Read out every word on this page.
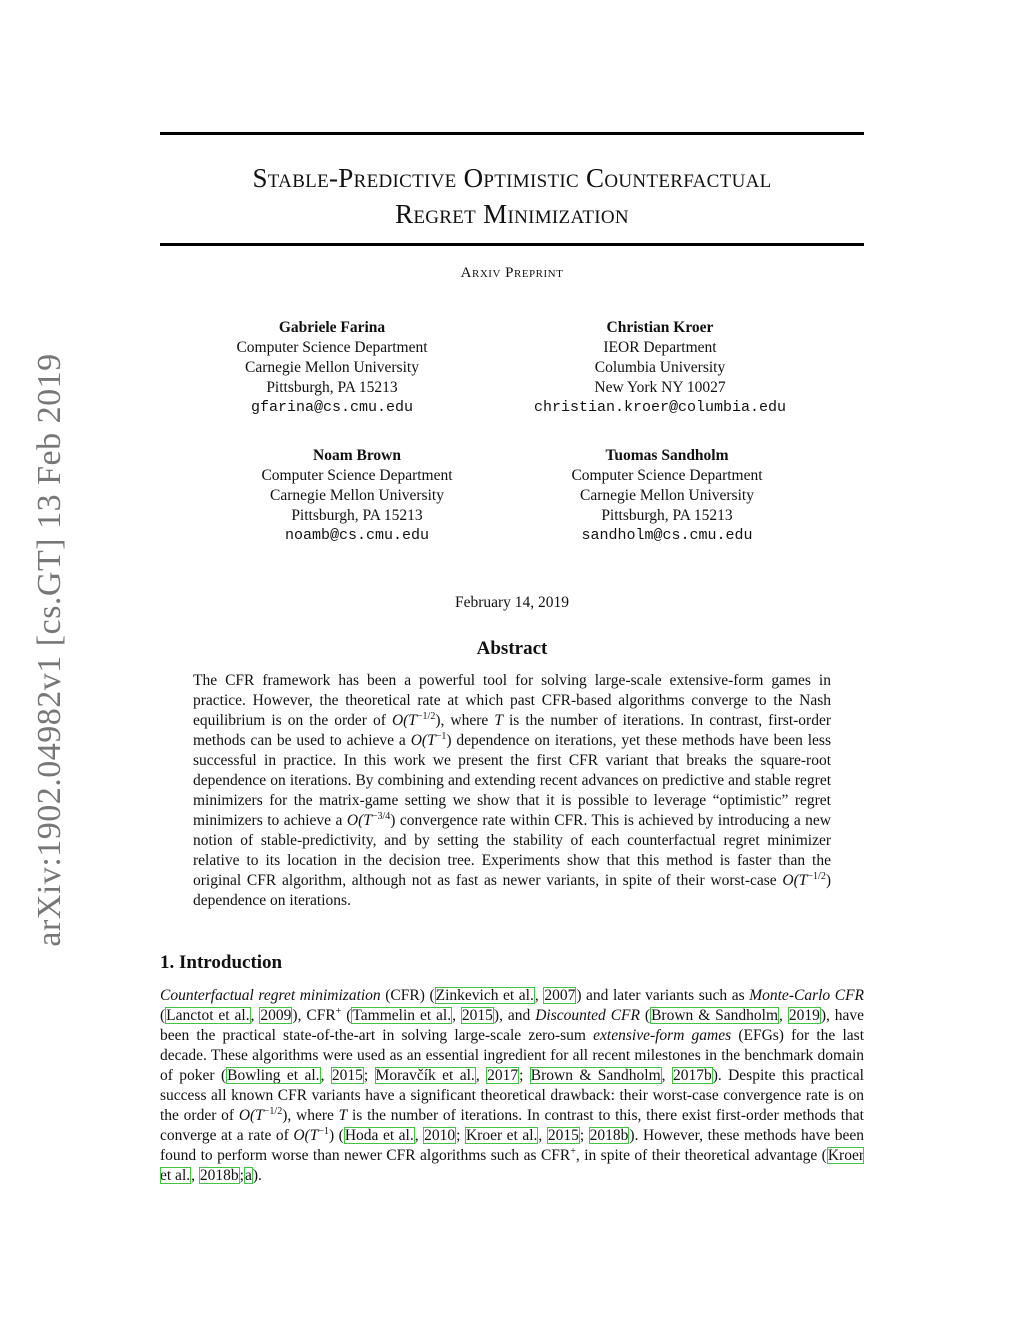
arXiv:1902.04982v1 [cs.GT] 13 Feb 2019
Stable-Predictive Optimistic Counterfactual
Regret Minimization
Arxiv Preprint
Gabriele Farina
Computer Science Department
Carnegie Mellon University
Pittsburgh, PA 15213
gfarina@cs.cmu.edu
Christian Kroer
IEOR Department
Columbia University
New York NY 10027
christian.kroer@columbia.edu
Noam Brown
Computer Science Department
Carnegie Mellon University
Pittsburgh, PA 15213
noamb@cs.cmu.edu
Tuomas Sandholm
Computer Science Department
Carnegie Mellon University
Pittsburgh, PA 15213
sandholm@cs.cmu.edu
February 14, 2019
Abstract
The CFR framework has been a powerful tool for solving large-scale extensive-form games in practice. However, the theoretical rate at which past CFR-based algorithms converge to the Nash equilibrium is on the order of $O(T^{-1/2})$, where T is the number of iterations. In contrast, first-order methods can be used to achieve a $O(T^{-1})$ dependence on iterations, yet these methods have been less successful in practice. In this work we present the first CFR variant that breaks the square-root dependence on iterations. By combining and extending recent advances on predictive and stable regret minimizers for the matrix-game setting we show that it is possible to leverage “optimistic” regret minimizers to achieve a $O(T^{-3/4})$ convergence rate within CFR. This is achieved by introducing a new notion of stable-predictivity, and by setting the stability of each counterfactual regret minimizer relative to its location in the decision tree. Experiments show that this method is faster than the original CFR algorithm, although not as fast as newer variants, in spite of their worst-case $O(T^{-1/2})$ dependence on iterations.
1. Introduction
Counterfactual regret minimization (CFR) (Zinkevich et al., 2007) and later variants such as Monte-Carlo CFR (Lanctot et al., 2009), CFR+ (Tammelin et al., 2015), and Discounted CFR (Brown & Sandholm, 2019), have been the practical state-of-the-art in solving large-scale zero-sum extensive-form games (EFGs) for the last decade. These algorithms were used as an essential ingredient for all recent milestones in the benchmark domain of poker (Bowling et al., 2015; Moravčík et al., 2017; Brown & Sandholm, 2017b). Despite this practical success all known CFR variants have a significant theoretical drawback: their worst-case convergence rate is on the order of $O(T^{-1/2})$, where T is the number of iterations. In contrast to this, there exist first-order methods that converge at a rate of $O(T^{-1})$ (Hoda et al., 2010; Kroer et al., 2015; 2018b). However, these methods have been found to perform worse than newer CFR algorithms such as CFR+, in spite of their theoretical advantage (Kroer et al., 2018b;a).
